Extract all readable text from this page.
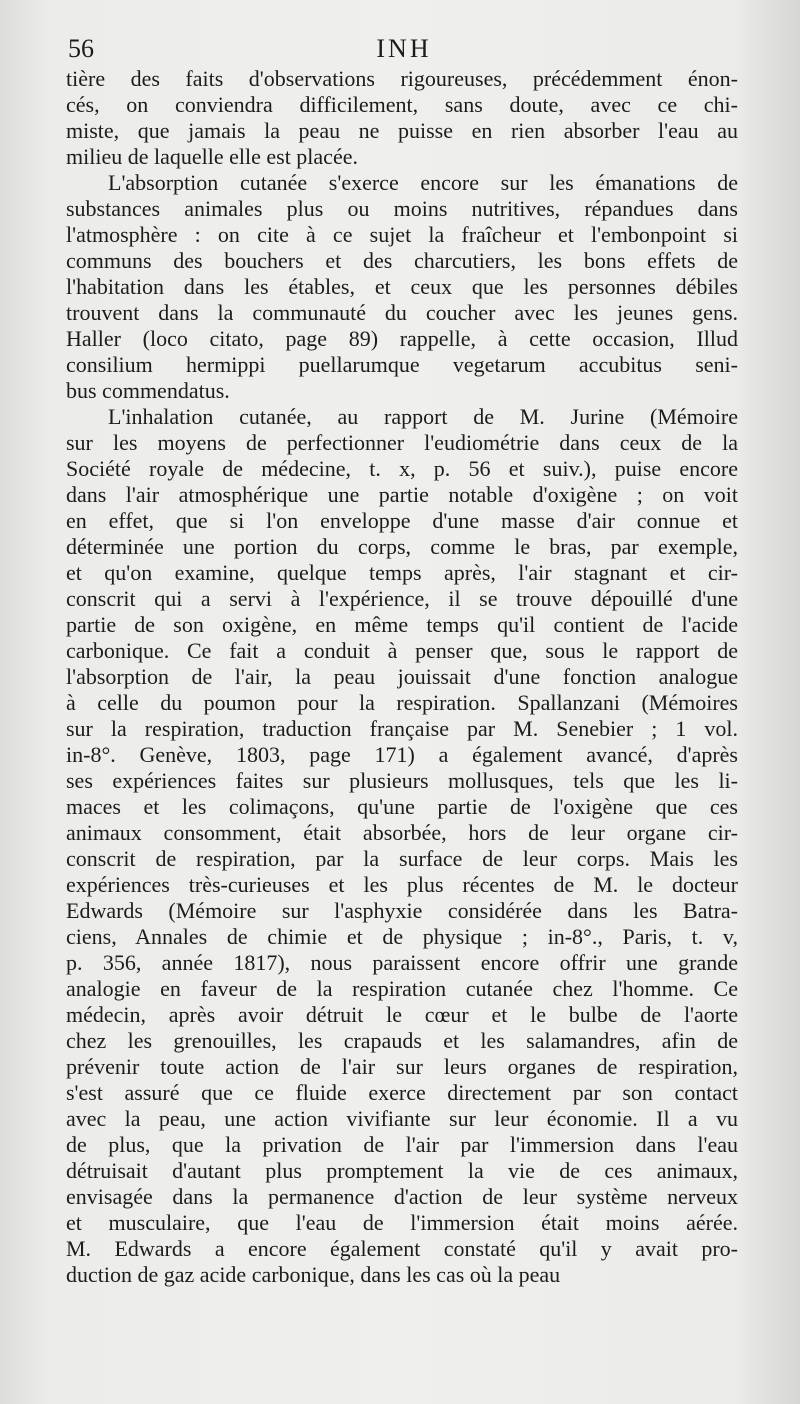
56	INH
tière des faits d'observations rigoureuses, précédemment énon-
cés, on conviendra difficilement, sans doute, avec ce chi-
miste, que jamais la peau ne puisse en rien absorber l'eau au
milieu de laquelle elle est placée.
L'absorption cutanée s'exerce encore sur les émanations de
substances animales plus ou moins nutritives, répandues dans
l'atmosphère : on cite à ce sujet la fraîcheur et l'embonpoint si
communs des bouchers et des charcutiers, les bons effets de
l'habitation dans les étables, et ceux que les personnes débiles
trouvent dans la communauté du coucher avec les jeunes gens.
Haller (loco citato, page 89) rappelle, à cette occasion, Illud
consilium hermippi puellarumque vegetarum accubitus seni-
bus commendatus.
L'inhalation cutanée, au rapport de M. Jurine (Mémoire
sur les moyens de perfectionner l'eudiométrie dans ceux de la
Société royale de médecine, t. x, p. 56 et suiv.), puise encore
dans l'air atmosphérique une partie notable d'oxigène ; on voit
en effet, que si l'on enveloppe d'une masse d'air connue et
déterminée une portion du corps, comme le bras, par exemple,
et qu'on examine, quelque temps après, l'air stagnant et cir-
conscrit qui a servi à l'expérience, il se trouve dépouillé d'une
partie de son oxigène, en même temps qu'il contient de l'acide
carbonique. Ce fait a conduit à penser que, sous le rapport de
l'absorption de l'air, la peau jouissait d'une fonction analogue
à celle du poumon pour la respiration. Spallanzani (Mémoires
sur la respiration, traduction française par M. Senebier ; 1 vol.
in-8°. Genève, 1803, page 171) a également avancé, d'après
ses expériences faites sur plusieurs mollusques, tels que les li-
maces et les colimaçons, qu'une partie de l'oxigène que ces
animaux consomment, était absorbée, hors de leur organe cir-
conscrit de respiration, par la surface de leur corps. Mais les
expériences très-curieuses et les plus récentes de M. le docteur
Edwards (Mémoire sur l'asphyxie considérée dans les Batra-
ciens, Annales de chimie et de physique ; in-8°., Paris, t. v,
p. 356, année 1817), nous paraissent encore offrir une grande
analogie en faveur de la respiration cutanée chez l'homme. Ce
médecin, après avoir détruit le cœur et le bulbe de l'aorte
chez les grenouilles, les crapauds et les salamandres, afin de
prévenir toute action de l'air sur leurs organes de respiration,
s'est assuré que ce fluide exerce directement par son contact
avec la peau, une action vivifiante sur leur économie. Il a vu
de plus, que la privation de l'air par l'immersion dans l'eau
détruisait d'autant plus promptement la vie de ces animaux,
envisagée dans la permanence d'action de leur système nerveux
et musculaire, que l'eau de l'immersion était moins aérée.
M. Edwards a encore également constaté qu'il y avait pro-
duction de gaz acide carbonique, dans les cas où la peau
